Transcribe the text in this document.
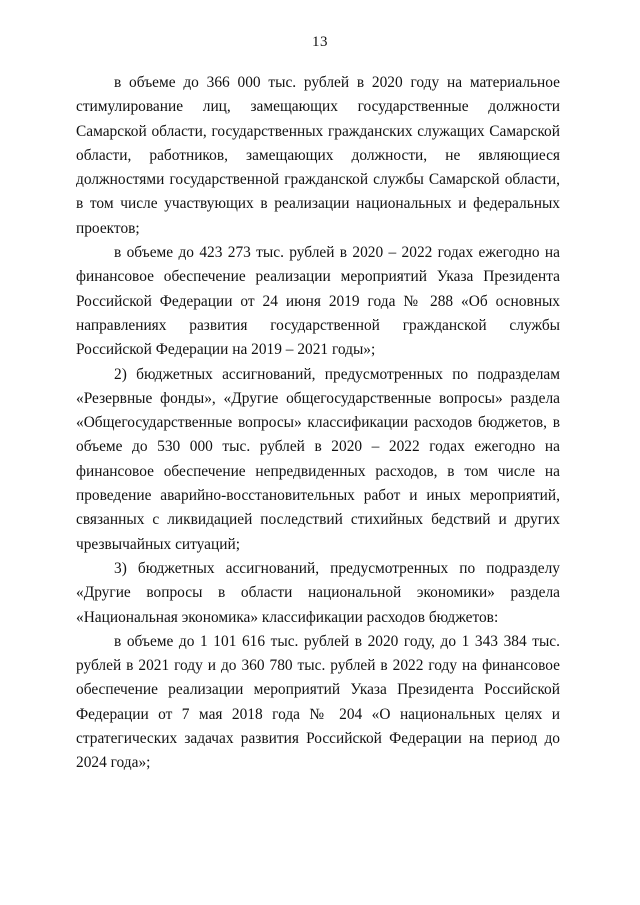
13

в объеме до 366 000 тыс. рублей в 2020 году на материальное стимулирование лиц, замещающих государственные должности Самарской области, государственных гражданских служащих Самарской области, работников, замещающих должности, не являющиеся должностями государственной гражданской службы Самарской области, в том числе участвующих в реализации национальных и федеральных проектов;

в объеме до 423 273 тыс. рублей в 2020 – 2022 годах ежегодно на финансовое обеспечение реализации мероприятий Указа Президента Российской Федерации от 24 июня 2019 года № 288 «Об основных направлениях развития государственной гражданской службы Российской Федерации на 2019 – 2021 годы»;

2) бюджетных ассигнований, предусмотренных по подразделам «Резервные фонды», «Другие общегосударственные вопросы» раздела «Общегосударственные вопросы» классификации расходов бюджетов, в объеме до 530 000 тыс. рублей в 2020 – 2022 годах ежегодно на финансовое обеспечение непредвиденных расходов, в том числе на проведение аварийно-восстановительных работ и иных мероприятий, связанных с ликвидацией последствий стихийных бедствий и других чрезвычайных ситуаций;

3) бюджетных ассигнований, предусмотренных по подразделу «Другие вопросы в области национальной экономики» раздела «Национальная экономика» классификации расходов бюджетов:

в объеме до 1 101 616 тыс. рублей в 2020 году, до 1 343 384 тыс. рублей в 2021 году и до 360 780 тыс. рублей в 2022 году на финансовое обеспечение реализации мероприятий Указа Президента Российской Федерации от 7 мая 2018 года № 204 «О национальных целях и стратегических задачах развития Российской Федерации на период до 2024 года»;
